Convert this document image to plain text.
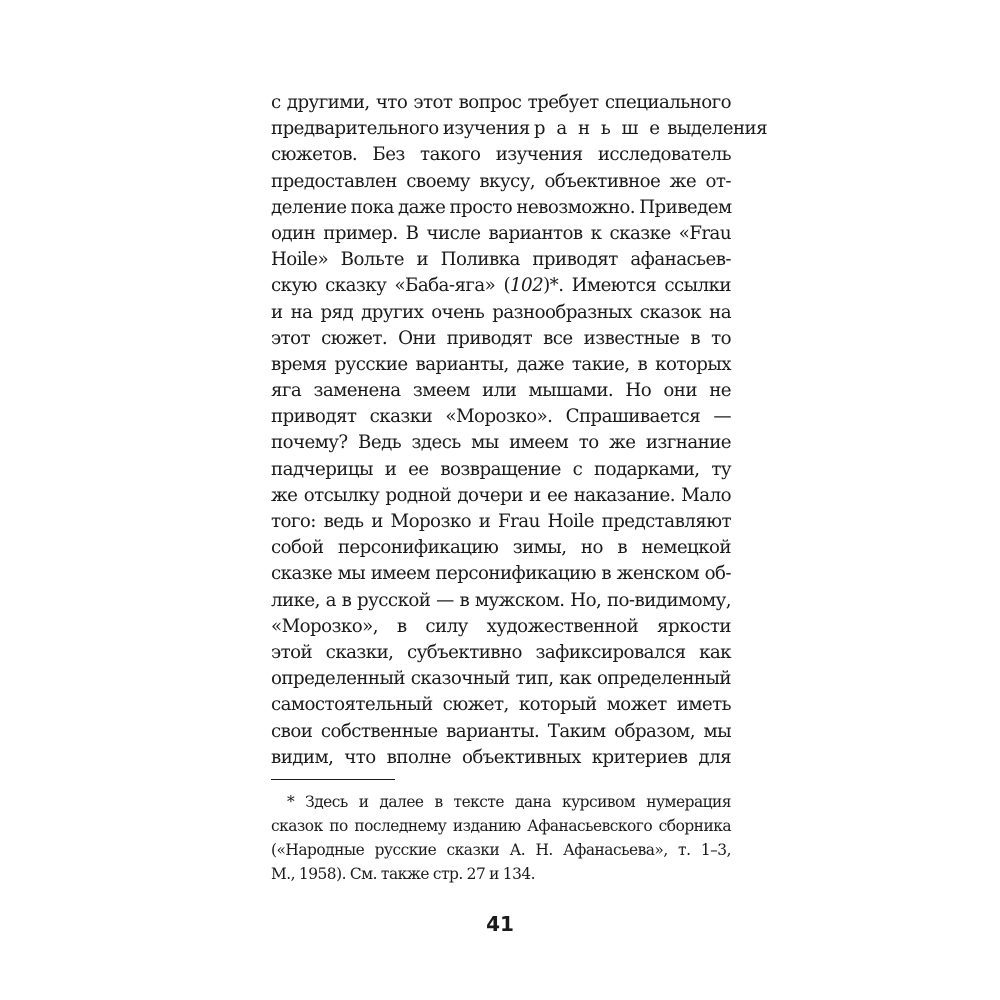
с другими, что этот вопрос требует специального
предварительного изучения р а н ь ш е выделения
сюжетов. Без такого изучения исследователь
предоставлен своему вкусу, объективное же от-
деление пока даже просто невозможно. Приведем
один пример. В числе вариантов к сказке «Frau
Hoile» Вольте и Поливка приводят афанасьев-
скую сказку «Баба-яга» (102)*. Имеются ссылки
и на ряд других очень разнообразных сказок на
этот сюжет. Они приводят все известные в то
время русские варианты, даже такие, в которых
яга заменена змеем или мышами. Но они не
приводят сказки «Морозко». Спрашивается —
почему? Ведь здесь мы имеем то же изгнание
падчерицы и ее возвращение с подарками, ту
же отсылку родной дочери и ее наказание. Мало
того: ведь и Морозко и Frau Hoile представляют
собой персонификацию зимы, но в немецкой
сказке мы имеем персонификацию в женском об-
лике, а в русской — в мужском. Но, по-видимому,
«Морозко», в силу художественной яркости
этой сказки, субъективно зафиксировался как
определенный сказочный тип, как определенный
самостоятельный сюжет, который может иметь
свои собственные варианты. Таким образом, мы
видим, что вполне объективных критериев для
* Здесь и далее в тексте дана курсивом нумерация
сказок по последнему изданию Афанасьевского сборника
(«Народные русские сказки А. Н. Афанасьева», т. 1–3,
М., 1958). См. также стр. 27 и 134.
41
